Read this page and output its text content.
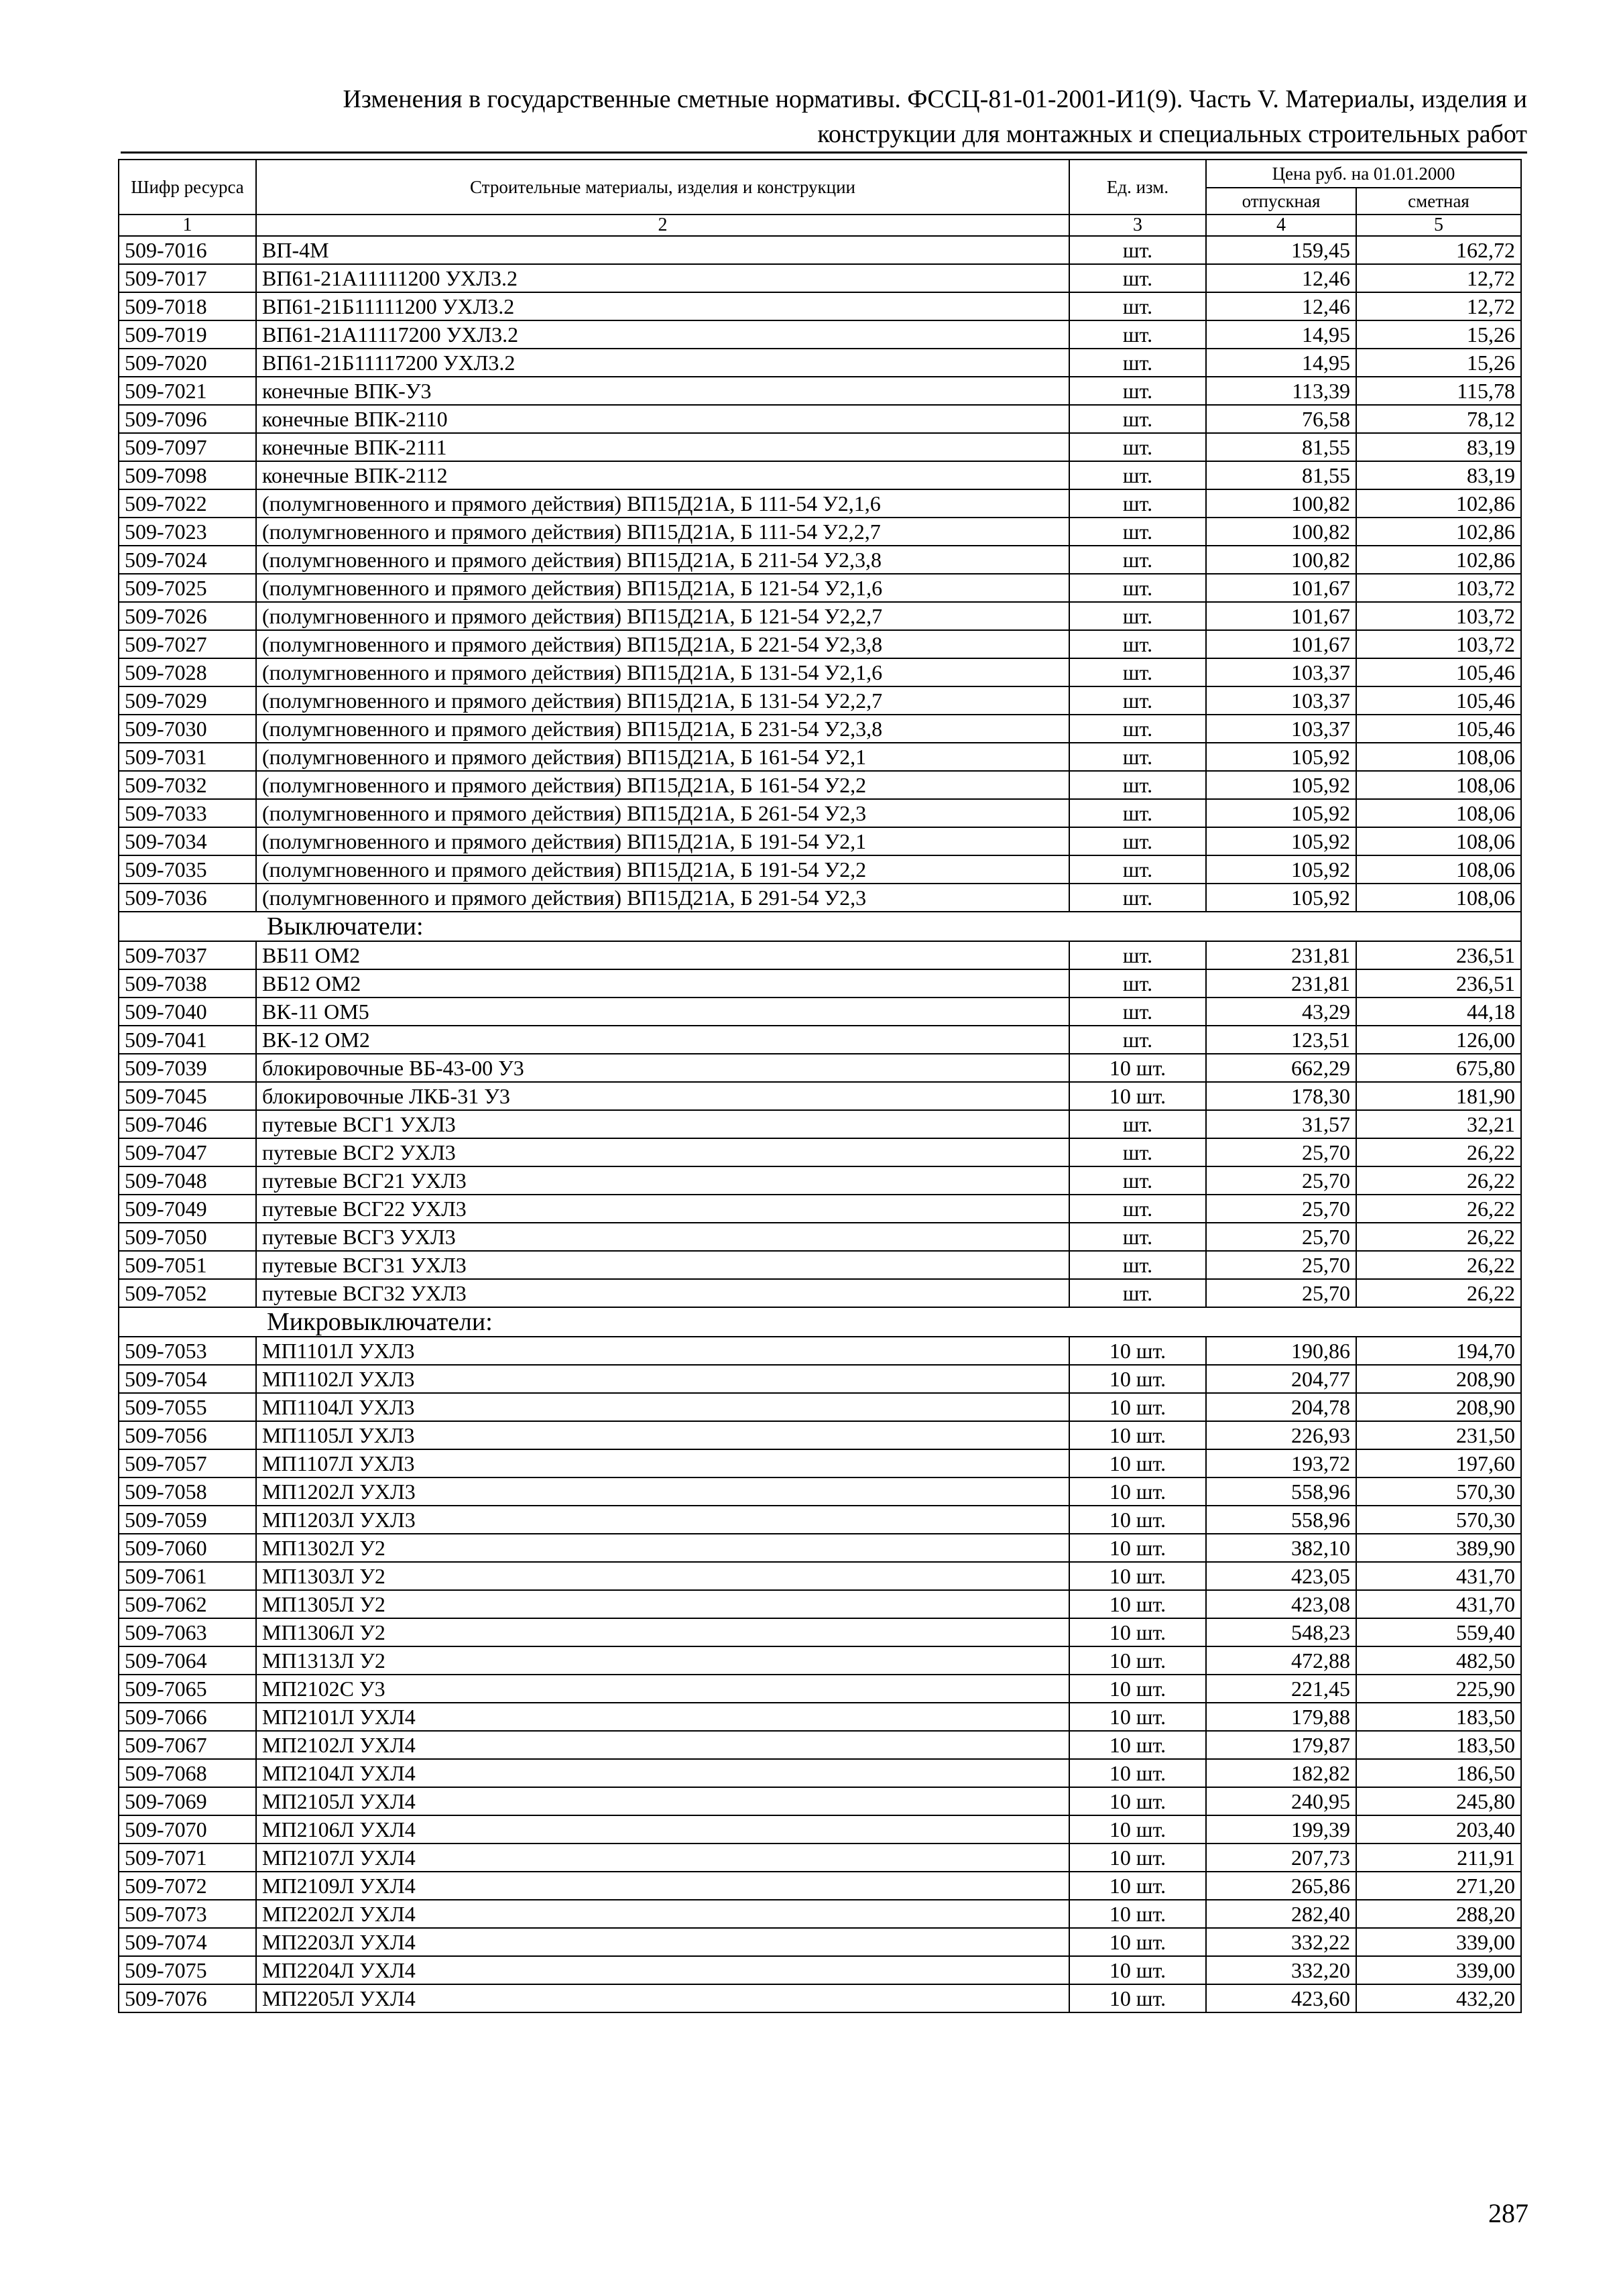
Изменения в государственные сметные нормативы. ФССЦ-81-01-2001-И1(9). Часть V. Материалы, изделия и
конструкции для монтажных и специальных строительных работ
Шифр ресурса	Строительные материалы, изделия и конструкции	Ед. изм.	Цена руб. на 01.01.2000	
			отпускная	сметная
1	2	3	4	5
509-7016	ВП-4М	шт.	159,45	162,72
509-7017	ВП61-21А11111200 УХЛ3.2	шт.	12,46	12,72
509-7018	ВП61-21Б11111200 УХЛ3.2	шт.	12,46	12,72
509-7019	ВП61-21А11117200 УХЛ3.2	шт.	14,95	15,26
509-7020	ВП61-21Б11117200 УХЛ3.2	шт.	14,95	15,26
509-7021	конечные ВПК-У3	шт.	113,39	115,78
509-7096	конечные ВПК-2110	шт.	76,58	78,12
509-7097	конечные ВПК-2111	шт.	81,55	83,19
509-7098	конечные ВПК-2112	шт.	81,55	83,19
509-7022	(полумгновенного и прямого действия) ВП15Д21А, Б 111-54 У2,1,6	шт.	100,82	102,86
509-7023	(полумгновенного и прямого действия) ВП15Д21А, Б 111-54 У2,2,7	шт.	100,82	102,86
509-7024	(полумгновенного и прямого действия) ВП15Д21А, Б 211-54 У2,3,8	шт.	100,82	102,86
509-7025	(полумгновенного и прямого действия) ВП15Д21А, Б 121-54 У2,1,6	шт.	101,67	103,72
509-7026	(полумгновенного и прямого действия) ВП15Д21А, Б 121-54 У2,2,7	шт.	101,67	103,72
509-7027	(полумгновенного и прямого действия) ВП15Д21А, Б 221-54 У2,3,8	шт.	101,67	103,72
509-7028	(полумгновенного и прямого действия) ВП15Д21А, Б 131-54 У2,1,6	шт.	103,37	105,46
509-7029	(полумгновенного и прямого действия) ВП15Д21А, Б 131-54 У2,2,7	шт.	103,37	105,46
509-7030	(полумгновенного и прямого действия) ВП15Д21А, Б 231-54 У2,3,8	шт.	103,37	105,46
509-7031	(полумгновенного и прямого действия) ВП15Д21А, Б 161-54 У2,1	шт.	105,92	108,06
509-7032	(полумгновенного и прямого действия) ВП15Д21А, Б 161-54 У2,2	шт.	105,92	108,06
509-7033	(полумгновенного и прямого действия) ВП15Д21А, Б 261-54 У2,3	шт.	105,92	108,06
509-7034	(полумгновенного и прямого действия) ВП15Д21А, Б 191-54 У2,1	шт.	105,92	108,06
509-7035	(полумгновенного и прямого действия) ВП15Д21А, Б 191-54 У2,2	шт.	105,92	108,06
509-7036	(полумгновенного и прямого действия) ВП15Д21А, Б 291-54 У2,3	шт.	105,92	108,06
Выключатели:				
509-7037	ВБ11 ОМ2	шт.	231,81	236,51
509-7038	ВБ12 ОМ2	шт.	231,81	236,51
509-7040	ВК-11 ОМ5	шт.	43,29	44,18
509-7041	ВК-12 ОМ2	шт.	123,51	126,00
509-7039	блокировочные ВБ-43-00 У3	10 шт.	662,29	675,80
509-7045	блокировочные ЛКБ-31 У3	10 шт.	178,30	181,90
509-7046	путевые ВСГ1 УХЛ3	шт.	31,57	32,21
509-7047	путевые ВСГ2 УХЛ3	шт.	25,70	26,22
509-7048	путевые ВСГ21 УХЛ3	шт.	25,70	26,22
509-7049	путевые ВСГ22 УХЛ3	шт.	25,70	26,22
509-7050	путевые ВСГ3 УХЛ3	шт.	25,70	26,22
509-7051	путевые ВСГ31 УХЛ3	шт.	25,70	26,22
509-7052	путевые ВСГ32 УХЛ3	шт.	25,70	26,22
Микровыключатели:				
509-7053	МП1101Л УХЛ3	10 шт.	190,86	194,70
509-7054	МП1102Л УХЛ3	10 шт.	204,77	208,90
509-7055	МП1104Л УХЛ3	10 шт.	204,78	208,90
509-7056	МП1105Л УХЛ3	10 шт.	226,93	231,50
509-7057	МП1107Л УХЛ3	10 шт.	193,72	197,60
509-7058	МП1202Л УХЛ3	10 шт.	558,96	570,30
509-7059	МП1203Л УХЛ3	10 шт.	558,96	570,30
509-7060	МП1302Л У2	10 шт.	382,10	389,90
509-7061	МП1303Л У2	10 шт.	423,05	431,70
509-7062	МП1305Л У2	10 шт.	423,08	431,70
509-7063	МП1306Л У2	10 шт.	548,23	559,40
509-7064	МП1313Л У2	10 шт.	472,88	482,50
509-7065	МП2102С У3	10 шт.	221,45	225,90
509-7066	МП2101Л УХЛ4	10 шт.	179,88	183,50
509-7067	МП2102Л УХЛ4	10 шт.	179,87	183,50
509-7068	МП2104Л УХЛ4	10 шт.	182,82	186,50
509-7069	МП2105Л УХЛ4	10 шт.	240,95	245,80
509-7070	МП2106Л УХЛ4	10 шт.	199,39	203,40
509-7071	МП2107Л УХЛ4	10 шт.	207,73	211,91
509-7072	МП2109Л УХЛ4	10 шт.	265,86	271,20
509-7073	МП2202Л УХЛ4	10 шт.	282,40	288,20
509-7074	МП2203Л УХЛ4	10 шт.	332,22	339,00
509-7075	МП2204Л УХЛ4	10 шт.	332,20	339,00
509-7076	МП2205Л УХЛ4	10 шт.	423,60	432,20
287
